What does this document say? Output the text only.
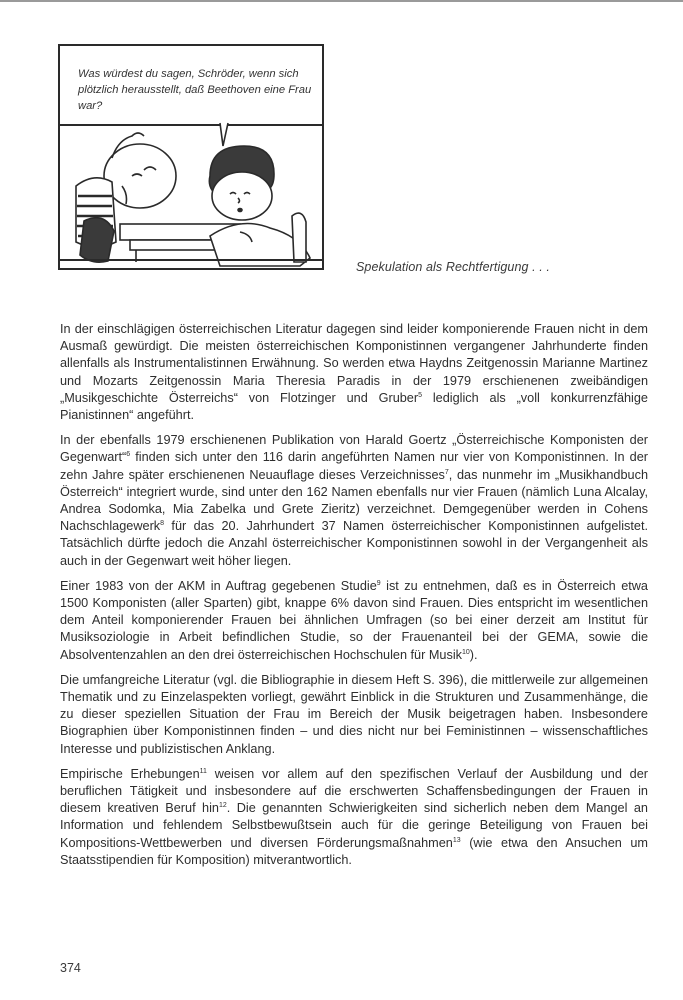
Was würdest du sagen, Schröder, wenn sich plötzlich herausstellt, daß Beethoven eine Frau war?
Spekulation als Rechtfertigung . . .

In der einschlägigen österreichischen Literatur dagegen sind leider komponierende Frauen nicht in dem Ausmaß gewürdigt. Die meisten österreichischen Komponistinnen vergangener Jahrhunderte finden allenfalls als Instrumentalistinnen Erwähnung. So werden etwa Haydns Zeitgenossin Marianne Martinez und Mozarts Zeitgenossin Maria Theresia Paradis in der 1979 erschienenen zweibändigen „Musikgeschichte Österreichs“ von Flotzinger und Gruber$^5$ lediglich als „voll konkurrenzfähige Pianistinnen“ angeführt.

In der ebenfalls 1979 erschienenen Publikation von Harald Goertz „Österreichische Komponisten der Gegenwart“$^6$ finden sich unter den 116 darin angeführten Namen nur vier von Komponistinnen. In der zehn Jahre später erschienenen Neuauflage dieses Verzeichnisses$^7$, das nunmehr im „Musikhandbuch Österreich“ integriert wurde, sind unter den 162 Namen ebenfalls nur vier Frauen (nämlich Luna Alcalay, Andrea Sodomka, Mia Zabelka und Grete Zieritz) verzeichnet. Demgegenüber werden in Cohens Nachschlagewerk$^8$ für das 20. Jahrhundert 37 Namen österreichischer Komponistinnen aufgelistet. Tatsächlich dürfte jedoch die Anzahl österreichischer Komponistinnen sowohl in der Vergangenheit als auch in der Gegenwart weit höher liegen.

Einer 1983 von der AKM in Auftrag gegebenen Studie$^9$ ist zu entnehmen, daß es in Österreich etwa 1500 Komponisten (aller Sparten) gibt, knappe 6% davon sind Frauen. Dies entspricht im wesentlichen dem Anteil komponierender Frauen bei ähnlichen Umfragen (so bei einer derzeit am Institut für Musiksoziologie in Arbeit befindlichen Studie, so der Frauenanteil bei der GEMA, sowie die Absolventenzahlen an den drei österreichischen Hochschulen für Musik$^{10}$).

Die umfangreiche Literatur (vgl. die Bibliographie in diesem Heft S. 396), die mittlerweile zur allgemeinen Thematik und zu Einzelaspekten vorliegt, gewährt Einblick in die Strukturen und Zusammenhänge, die zu dieser speziellen Situation der Frau im Bereich der Musik beigetragen haben. Insbesondere Biographien über Komponistinnen finden – und dies nicht nur bei Feministinnen – wissenschaftliches Interesse und publizistischen Anklang.

Empirische Erhebungen$^{11}$ weisen vor allem auf den spezifischen Verlauf der Ausbildung und der beruflichen Tätigkeit und insbesondere auf die erschwerten Schaffensbedingungen der Frauen in diesem kreativen Beruf hin$^{12}$. Die genannten Schwierigkeiten sind sicherlich neben dem Mangel an Information und fehlendem Selbstbewußtsein auch für die geringe Beteiligung von Frauen bei Kompositions-Wettbewerben und diversen Förderungsmaßnahmen$^{13}$ (wie etwa den Ansuchen um Staatsstipendien für Komposition) mitverantwortlich.

374
